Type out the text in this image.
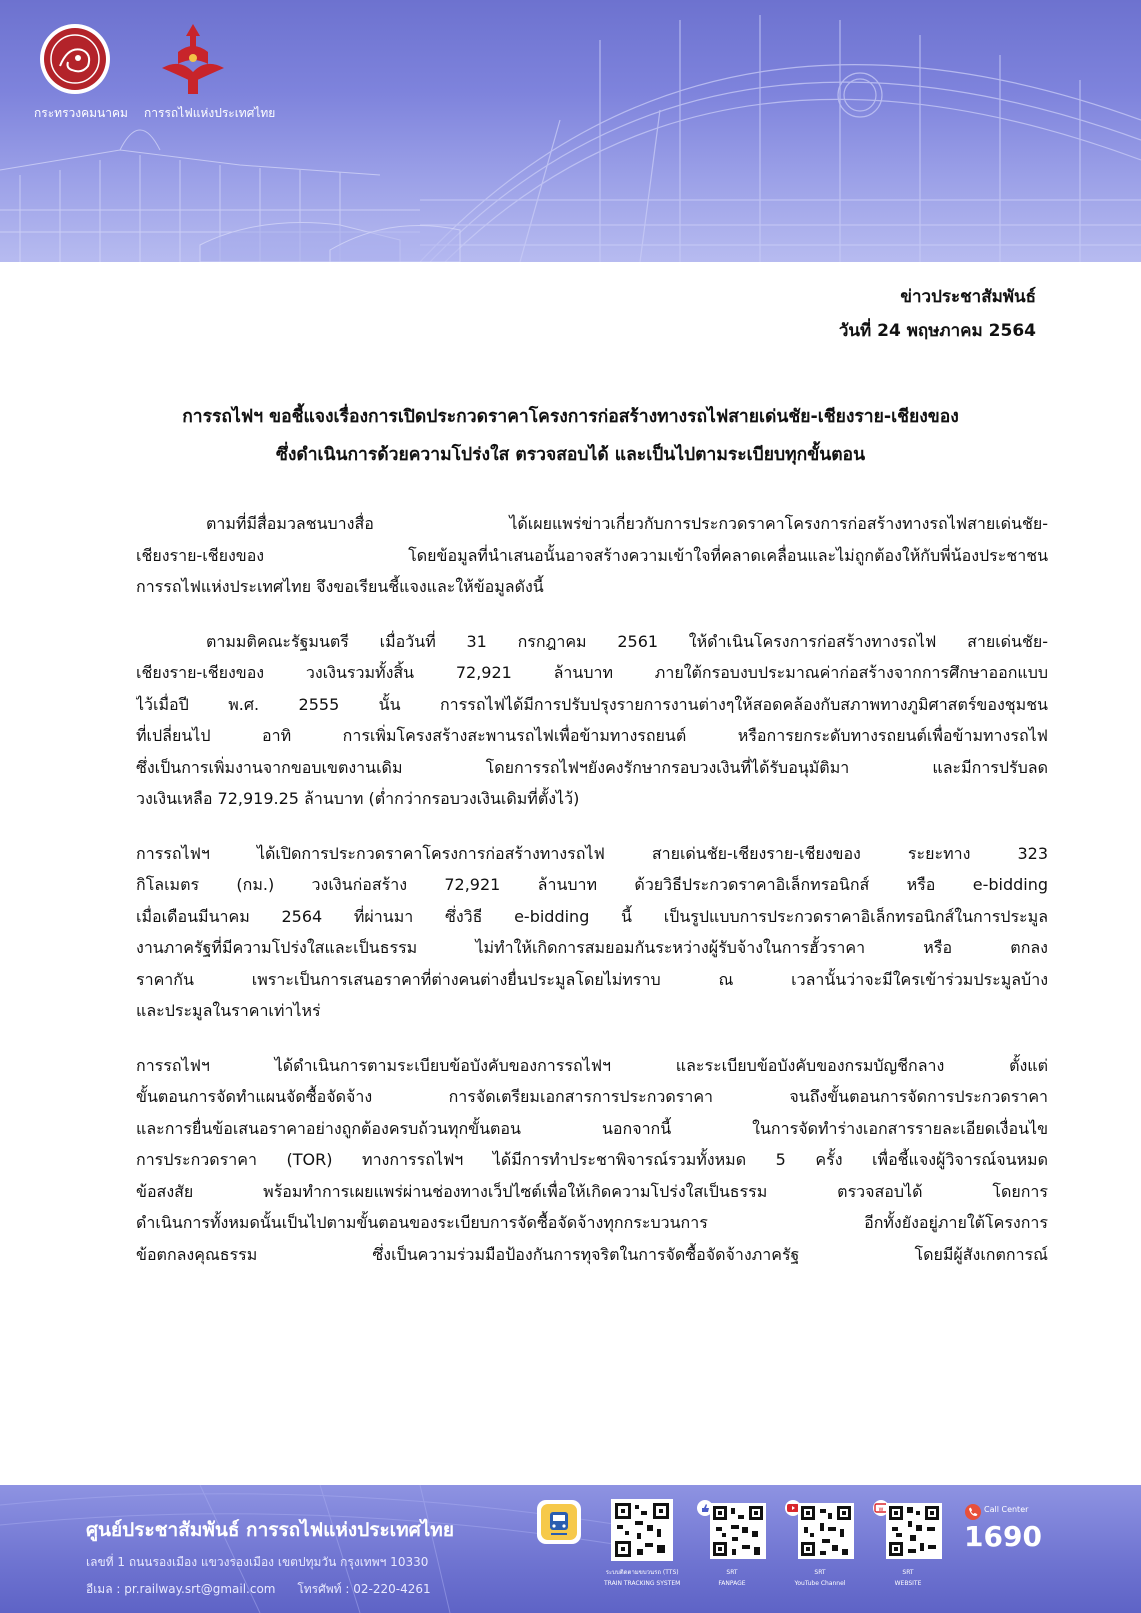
กระทรวงคมนาคม การรถไฟแห่งประเทศไทย
ข่าวประชาสัมพันธ์
วันที่ 24 พฤษภาคม 2564
การรถไฟฯ ขอชี้แจงเรื่องการเปิดประกวดราคาโครงการก่อสร้างทางรถไฟสายเด่นชัย-เชียงราย-เชียงของ
ซึ่งดำเนินการด้วยความโปร่งใส ตรวจสอบได้ และเป็นไปตามระเบียบทุกขั้นตอน
ตามที่มีสื่อมวลชนบางสื่อ ได้เผยแพร่ข่าวเกี่ยวกับการประกวดราคาโครงการก่อสร้างทางรถไฟสายเด่นชัย-
เชียงราย-เชียงของ โดยข้อมูลที่นำเสนอนั้นอาจสร้างความเข้าใจที่คลาดเคลื่อนและไม่ถูกต้องให้กับพี่น้องประชาชน
การรถไฟแห่งประเทศไทย จึงขอเรียนชี้แจงและให้ข้อมูลดังนี้
ตามมติคณะรัฐมนตรี เมื่อวันที่ 31 กรกฎาคม 2561 ให้ดำเนินโครงการก่อสร้างทางรถไฟ สายเด่นชัย-
เชียงราย-เชียงของ วงเงินรวมทั้งสิ้น 72,921 ล้านบาท ภายใต้กรอบงบประมาณค่าก่อสร้างจากการศึกษาออกแบบ
ไว้เมื่อปี พ.ศ. 2555 นั้น การรถไฟได้มีการปรับปรุงรายการงานต่างๆให้สอดคล้องกับสภาพทางภูมิศาสตร์ของชุมชน
ที่เปลี่ยนไป อาทิ การเพิ่มโครงสร้างสะพานรถไฟเพื่อข้ามทางรถยนต์ หรือการยกระดับทางรถยนต์เพื่อข้ามทางรถไฟ
ซึ่งเป็นการเพิ่มงานจากขอบเขตงานเดิม โดยการรถไฟฯยังคงรักษากรอบวงเงินที่ได้รับอนุมัติมา และมีการปรับลด
วงเงินเหลือ 72,919.25 ล้านบาท (ต่ำกว่ากรอบวงเงินเดิมที่ตั้งไว้)
การรถไฟฯ ได้เปิดการประกวดราคาโครงการก่อสร้างทางรถไฟ สายเด่นชัย-เชียงราย-เชียงของ ระยะทาง 323
กิโลเมตร (กม.) วงเงินก่อสร้าง 72,921 ล้านบาท ด้วยวิธีประกวดราคาอิเล็กทรอนิกส์ หรือ e-bidding
เมื่อเดือนมีนาคม 2564 ที่ผ่านมา ซึ่งวิธี e-bidding นี้ เป็นรูปแบบการประกวดราคาอิเล็กทรอนิกส์ในการประมูล
งานภาครัฐที่มีความโปร่งใสและเป็นธรรม ไม่ทำให้เกิดการสมยอมกันระหว่างผู้รับจ้างในการฮั้วราคา หรือ ตกลง
ราคากัน เพราะเป็นการเสนอราคาที่ต่างคนต่างยื่นประมูลโดยไม่ทราบ ณ เวลานั้นว่าจะมีใครเข้าร่วมประมูลบ้าง
และประมูลในราคาเท่าไหร่
การรถไฟฯ ได้ดำเนินการตามระเบียบข้อบังคับของการรถไฟฯ และระเบียบข้อบังคับของกรมบัญชีกลาง ตั้งแต่
ขั้นตอนการจัดทำแผนจัดซื้อจัดจ้าง การจัดเตรียมเอกสารการประกวดราคา จนถึงขั้นตอนการจัดการประกวดราคา
และการยื่นข้อเสนอราคาอย่างถูกต้องครบถ้วนทุกขั้นตอน นอกจากนี้ ในการจัดทำร่างเอกสารรายละเอียดเงื่อนไข
การประกวดราคา (TOR) ทางการรถไฟฯ ได้มีการทำประชาพิจารณ์รวมทั้งหมด 5 ครั้ง เพื่อชี้แจงผู้วิจารณ์จนหมด
ข้อสงสัย พร้อมทำการเผยแพร่ผ่านช่องทางเว็ปไซต์เพื่อให้เกิดความโปร่งใสเป็นธรรม ตรวจสอบได้ โดยการ
ดำเนินการทั้งหมดนั้นเป็นไปตามขั้นตอนของระเบียบการจัดซื้อจัดจ้างทุกกระบวนการ อีกทั้งยังอยู่ภายใต้โครงการ
ข้อตกลงคุณธรรม ซึ่งเป็นความร่วมมือป้องกันการทุจริตในการจัดซื้อจัดจ้างภาครัฐ โดยมีผู้สังเกตการณ์
ศูนย์ประชาสัมพันธ์ การรถไฟแห่งประเทศไทย
เลขที่ 1 ถนนรองเมือง แขวงรองเมือง เขตปทุมวัน กรุงเทพฯ 10330
อีเมล : pr.railway.srt@gmail.com โทรศัพท์ : 02-220-4261
ระบบติดตามขบวนรถ (TTS)
TRAIN TRACKING SYSTEM
SRT
FANPAGE
SRT
YouTube Channel
w
SRT
WEBSITE
Call Center
1690
